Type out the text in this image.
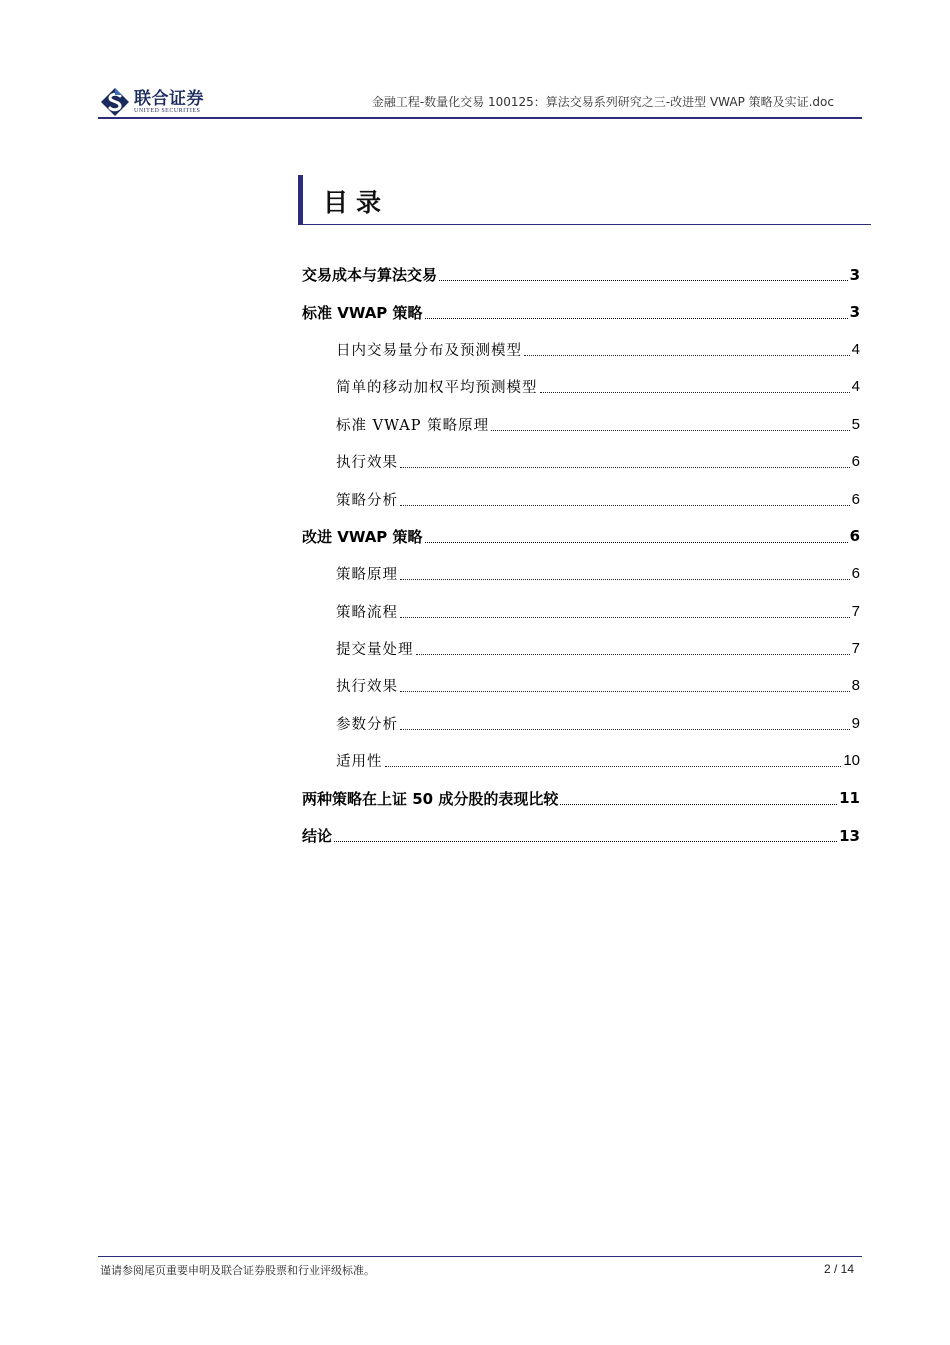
联合证券
UNITED SECURITIES
金融工程-数量化交易 100125：算法交易系列研究之三-改进型 VWAP 策略及实证.doc
目录
交易成本与算法交易	3
标准 VWAP 策略	3
日内交易量分布及预测模型	4
简单的移动加权平均预测模型	4
标准 VWAP 策略原理	5
执行效果	6
策略分析	6
改进 VWAP 策略	6
策略原理	6
策略流程	7
提交量处理	7
执行效果	8
参数分析	9
适用性	10
两种策略在上证 50 成分股的表现比较	11
结论	13
谨请参阅尾页重要申明及联合证券股票和行业评级标准。	2 / 14
